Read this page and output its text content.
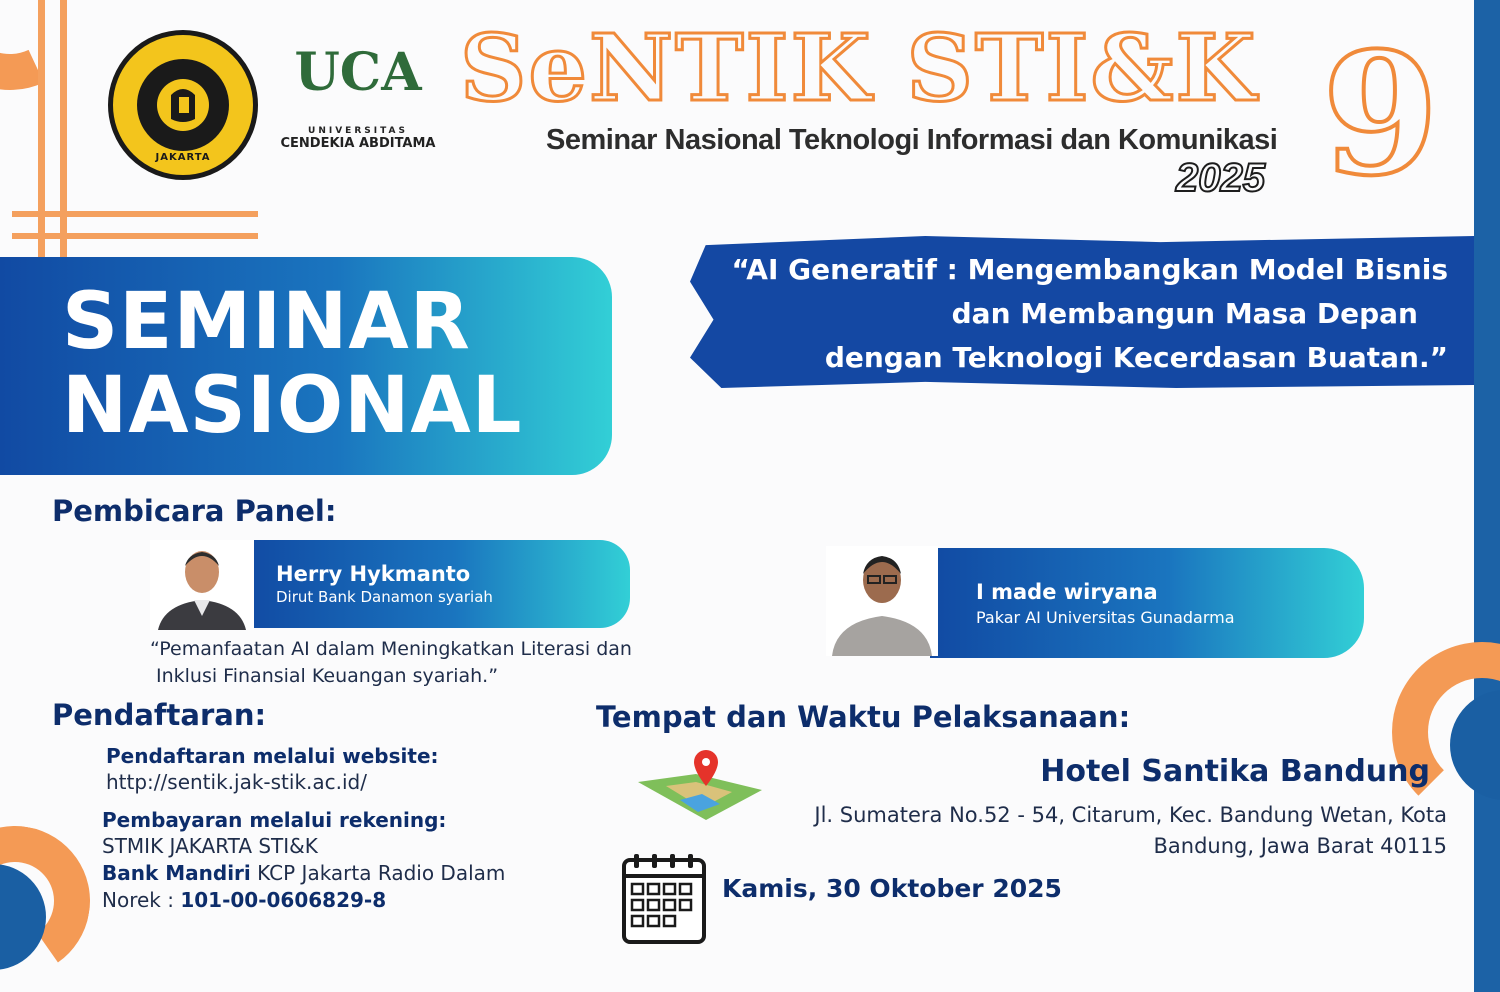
JAKARTA
UCA
UNIVERSITAS
CENDEKIA ABDITAMA
SeNTIK STI&K 9
Seminar Nasional Teknologi Informasi dan Komunikasi
2025
“AI Generatif : Mengembangkan Model Bisnis
dan Membangun Masa Depan
dengan Teknologi Kecerdasan Buatan.”
SEMINAR
NASIONAL
Pembicara Panel:
Herry Hykmanto
Dirut Bank Danamon syariah
“Pemanfaatan AI dalam Meningkatkan Literasi dan
Inklusi Finansial Keuangan syariah.”
I made wiryana
Pakar AI Universitas Gunadarma
Pendaftaran:
Pendaftaran melalui website:
http://sentik.jak-stik.ac.id/
Pembayaran melalui rekening:
STMIK JAKARTA STI&K
Bank Mandiri KCP Jakarta Radio Dalam
Norek : 101-00-0606829-8
Tempat dan Waktu Pelaksanaan:
Hotel Santika Bandung
Jl. Sumatera No.52 - 54, Citarum, Kec. Bandung Wetan, Kota
Bandung, Jawa Barat 40115
Kamis, 30 Oktober 2025
